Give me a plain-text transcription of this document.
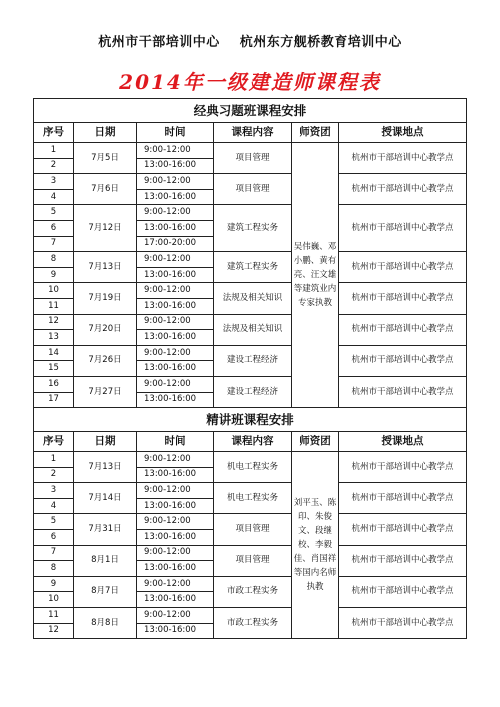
杭州市干部培训中心    杭州东方舰桥教育培训中心
2014年一级建造师课程表
经典习题班课程安排					
序号	日期	时间	课程内容	师资团	授课地点
1	7月5日	9:00-12:00	项目管理	吴伟巍、邓小鹏、黄有亮、汪文雄等建筑业内专家执教	杭州市干部培训中心教学点
2		13:00-16:00			
3	7月6日	9:00-12:00	项目管理		杭州市干部培训中心教学点
4		13:00-16:00			
5	7月12日	9:00-12:00	建筑工程实务		杭州市干部培训中心教学点
6		13:00-16:00			
7		17:00-20:00			
8	7月13日	9:00-12:00	建筑工程实务		杭州市干部培训中心教学点
9		13:00-16:00			
10	7月19日	9:00-12:00	法规及相关知识		杭州市干部培训中心教学点
11		13:00-16:00			
12	7月20日	9:00-12:00	法规及相关知识		杭州市干部培训中心教学点
13		13:00-16:00			
14	7月26日	9:00-12:00	建设工程经济		杭州市干部培训中心教学点
15		13:00-16:00			
16	7月27日	9:00-12:00	建设工程经济		杭州市干部培训中心教学点
17		13:00-16:00			
精讲班课程安排					
序号	日期	时间	课程内容	师资团	授课地点
1	7月13日	9:00-12:00	机电工程实务	刘平玉、陈印、朱俊文、段继校、李毅佳、肖国祥等国内名师执教	杭州市干部培训中心教学点
2		13:00-16:00			
3	7月14日	9:00-12:00	机电工程实务		杭州市干部培训中心教学点
4		13:00-16:00			
5	7月31日	9:00-12:00	项目管理		杭州市干部培训中心教学点
6		13:00-16:00			
7	8月1日	9:00-12:00	项目管理		杭州市干部培训中心教学点
8		13:00-16:00			
9	8月7日	9:00-12:00	市政工程实务		杭州市干部培训中心教学点
10		13:00-16:00			
11	8月8日	9:00-12:00	市政工程实务		杭州市干部培训中心教学点
12		13:00-16:00			
